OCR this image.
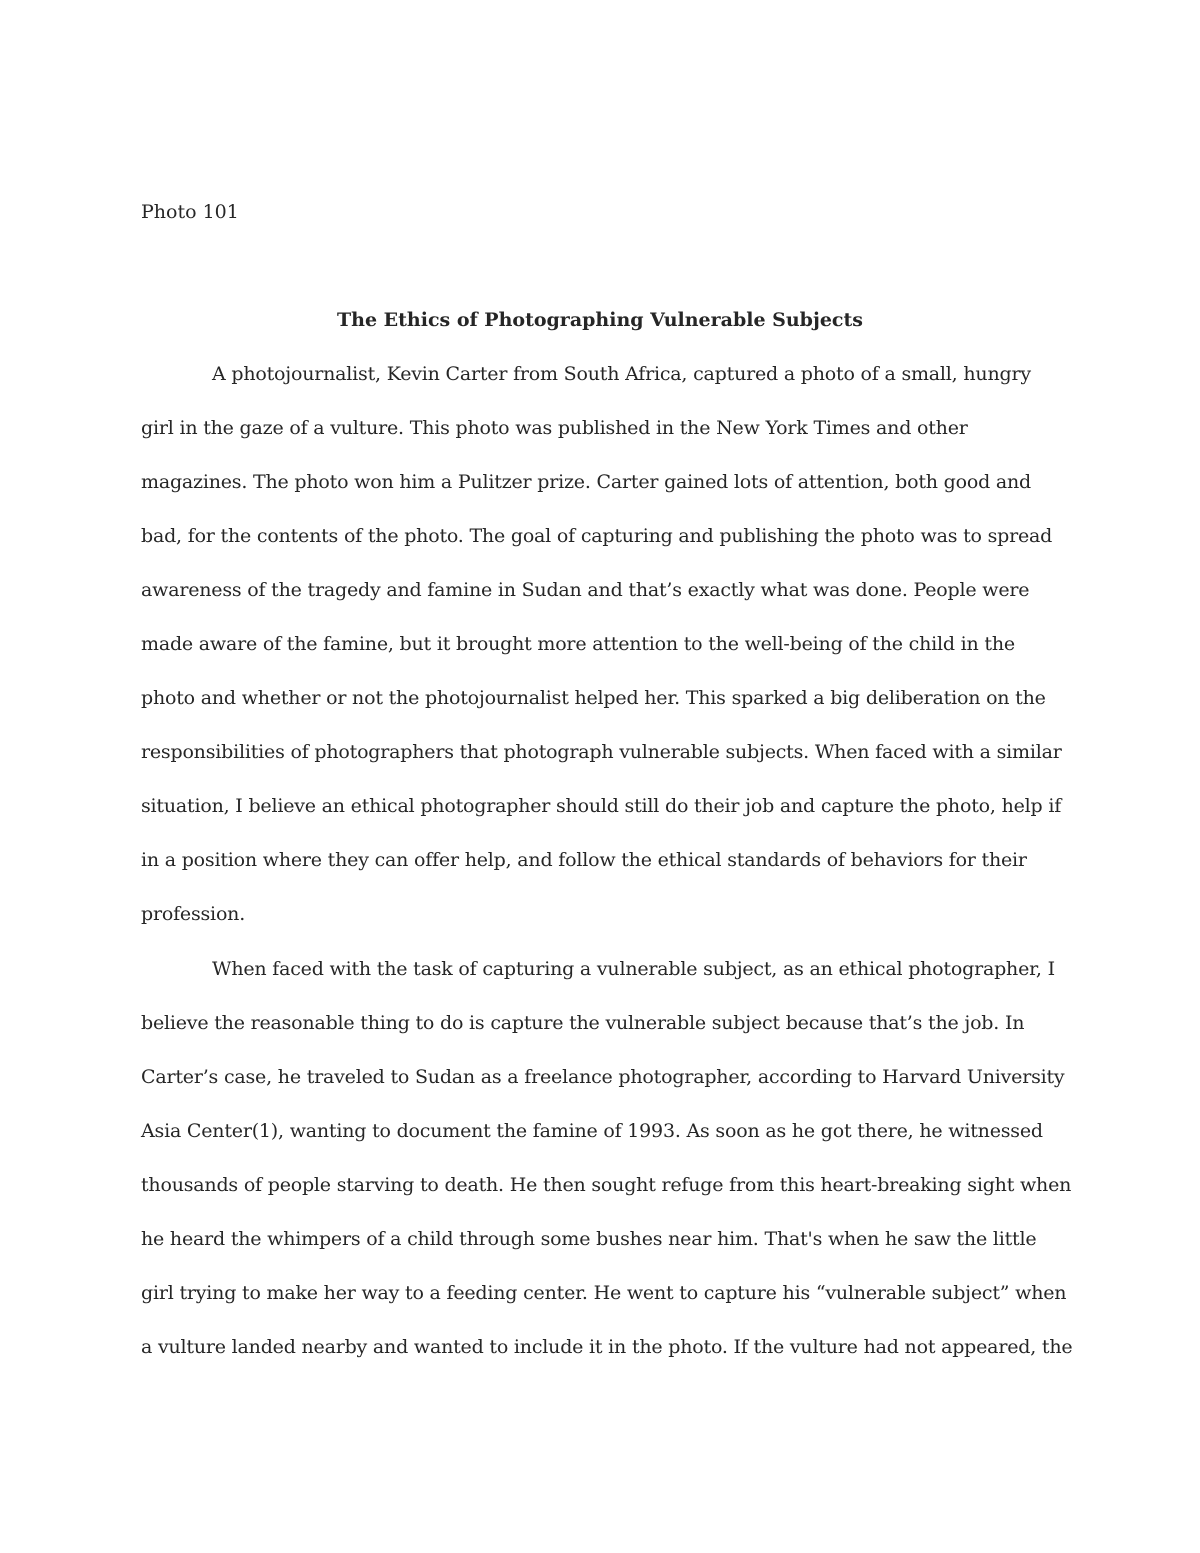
Photo 101
The Ethics of Photographing Vulnerable Subjects
A photojournalist, Kevin Carter from South Africa, captured a photo of a small, hungry
girl in the gaze of a vulture. This photo was published in the New York Times and other
magazines. The photo won him a Pulitzer prize. Carter gained lots of attention, both good and
bad, for the contents of the photo. The goal of capturing and publishing the photo was to spread
awareness of the tragedy and famine in Sudan and that’s exactly what was done. People were
made aware of the famine, but it brought more attention to the well-being of the child in the
photo and whether or not the photojournalist helped her. This sparked a big deliberation on the
responsibilities of photographers that photograph vulnerable subjects. When faced with a similar
situation, I believe an ethical photographer should still do their job and capture the photo, help if
in a position where they can offer help, and follow the ethical standards of behaviors for their
profession.
When faced with the task of capturing a vulnerable subject, as an ethical photographer, I
believe the reasonable thing to do is capture the vulnerable subject because that’s the job. In
Carter’s case, he traveled to Sudan as a freelance photographer, according to Harvard University
Asia Center(1), wanting to document the famine of 1993. As soon as he got there, he witnessed
thousands of people starving to death. He then sought refuge from this heart-breaking sight when
he heard the whimpers of a child through some bushes near him. That's when he saw the little
girl trying to make her way to a feeding center. He went to capture his “vulnerable subject” when
a vulture landed nearby and wanted to include it in the photo. If the vulture had not appeared, the
